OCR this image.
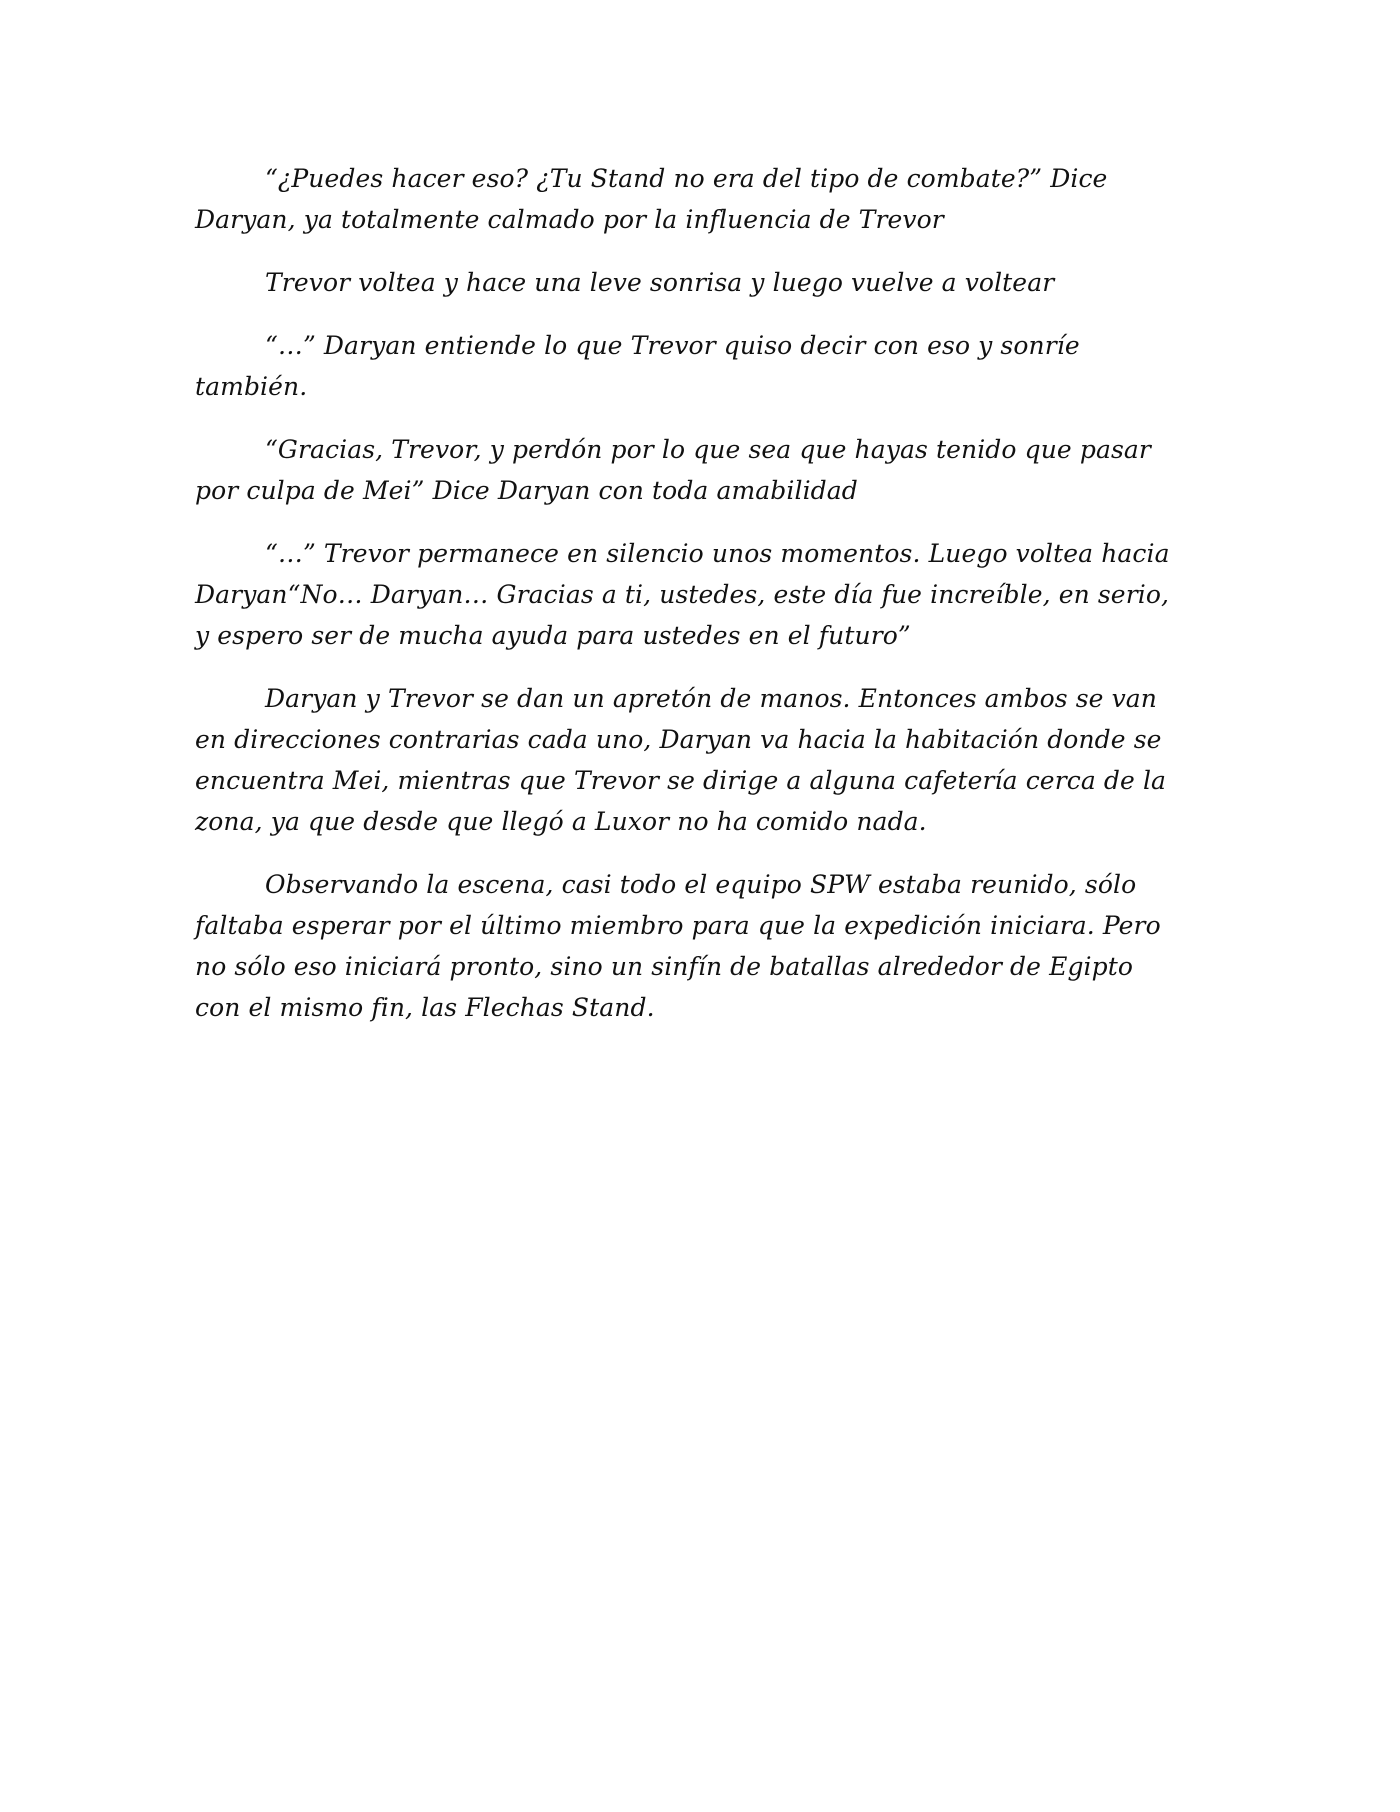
“¿Puedes hacer eso? ¿Tu Stand no era del tipo de combate?” Dice Daryan, ya totalmente calmado por la influencia de Trevor

Trevor voltea y hace una leve sonrisa y luego vuelve a voltear

“…” Daryan entiende lo que Trevor quiso decir con eso y sonríe también.

“Gracias, Trevor, y perdón por lo que sea que hayas tenido que pasar por culpa de Mei” Dice Daryan con toda amabilidad

“…” Trevor permanece en silencio unos momentos. Luego voltea hacia Daryan“No… Daryan… Gracias a ti, ustedes, este día fue increíble, en serio, y espero ser de mucha ayuda para ustedes en el futuro”

Daryan y Trevor se dan un apretón de manos. Entonces ambos se van en direcciones contrarias cada uno, Daryan va hacia la habitación donde se encuentra Mei, mientras que Trevor se dirige a alguna cafetería cerca de la zona, ya que desde que llegó a Luxor no ha comido nada.

Observando la escena, casi todo el equipo SPW estaba reunido, sólo faltaba esperar por el último miembro para que la expedición iniciara. Pero no sólo eso iniciará pronto, sino un sinfín de batallas alrededor de Egipto con el mismo fin, las Flechas Stand.
